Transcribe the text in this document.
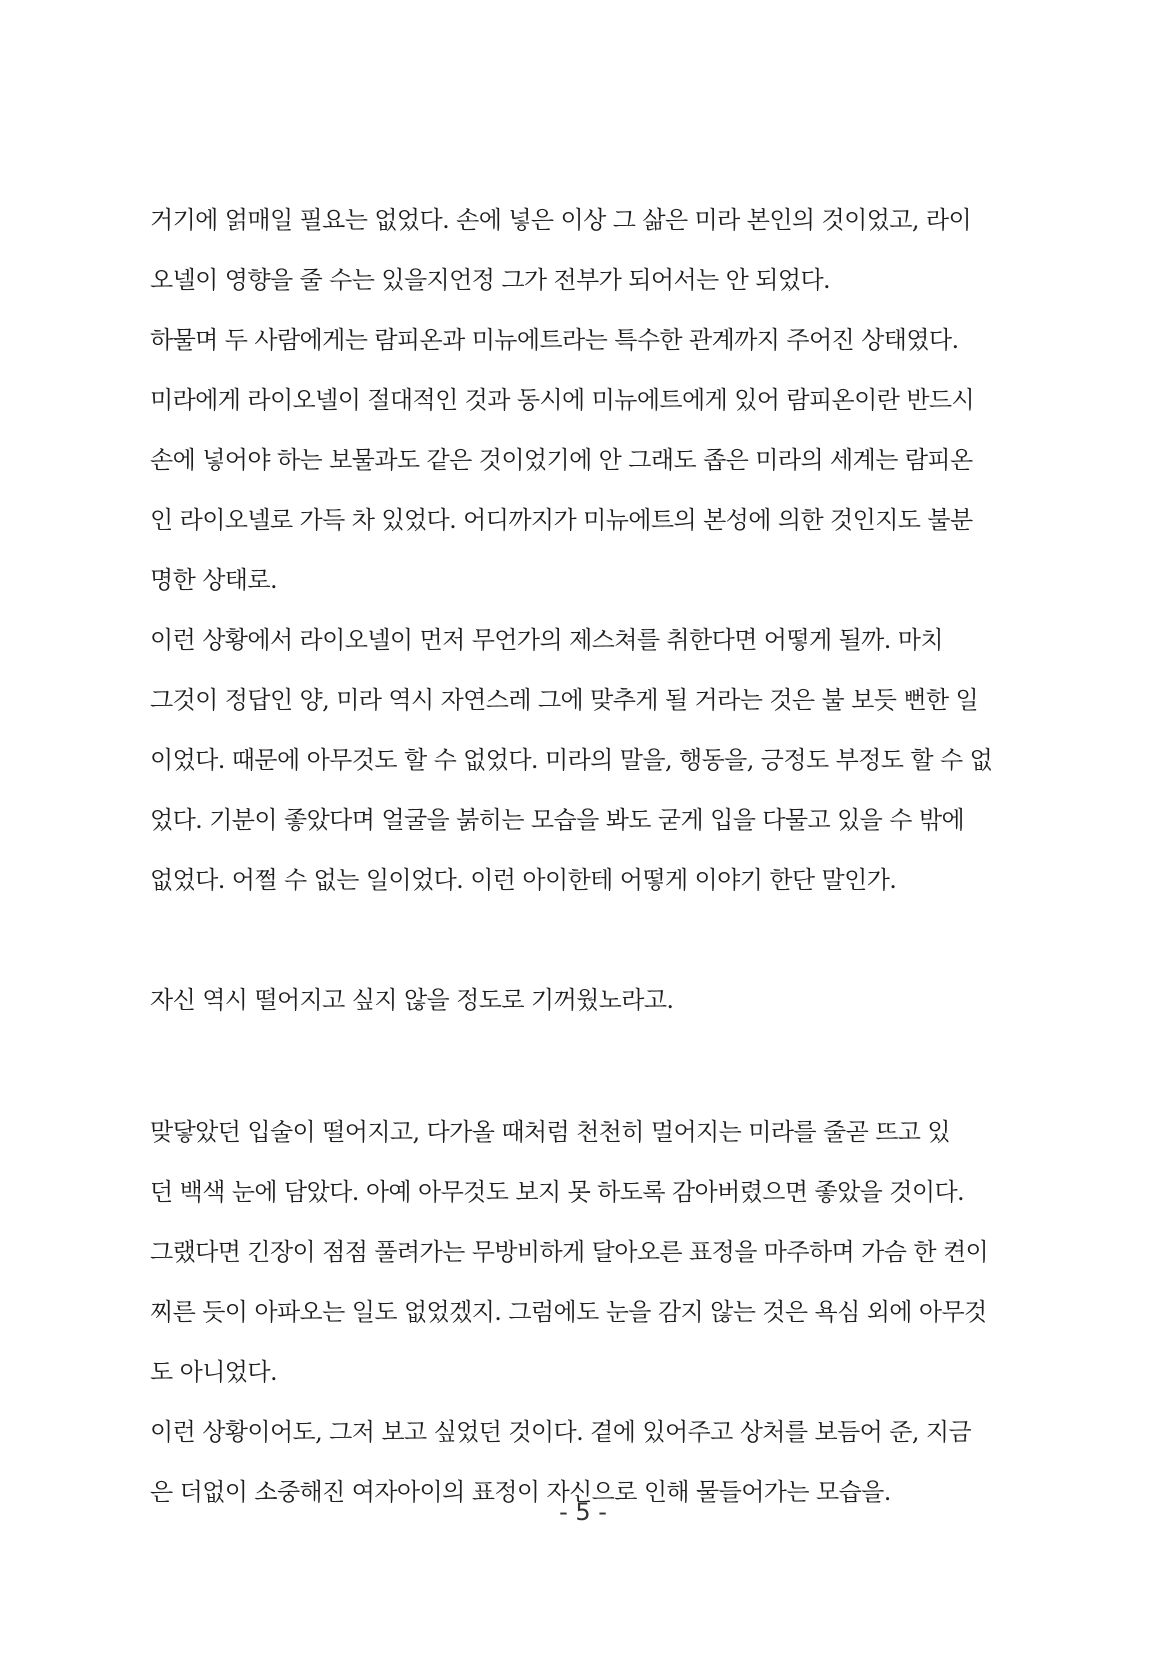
거기에 얽매일 필요는 없었다. 손에 넣은 이상 그 삶은 미라 본인의 것이었고, 라이
오넬이 영향을 줄 수는 있을지언정 그가 전부가 되어서는 안 되었다.
하물며 두 사람에게는 람피온과 미뉴에트라는 특수한 관계까지 주어진 상태였다.
미라에게 라이오넬이 절대적인 것과 동시에 미뉴에트에게 있어 람피온이란 반드시
손에 넣어야 하는 보물과도 같은 것이었기에 안 그래도 좁은 미라의 세계는 람피온
인 라이오넬로 가득 차 있었다. 어디까지가 미뉴에트의 본성에 의한 것인지도 불분
명한 상태로.
이런 상황에서 라이오넬이 먼저 무언가의 제스쳐를 취한다면 어떻게 될까. 마치
그것이 정답인 양, 미라 역시 자연스레 그에 맞추게 될 거라는 것은 불 보듯 뻔한 일
이었다. 때문에 아무것도 할 수 없었다. 미라의 말을, 행동을, 긍정도 부정도 할 수 없
었다. 기분이 좋았다며 얼굴을 붉히는 모습을 봐도 굳게 입을 다물고 있을 수 밖에
없었다. 어쩔 수 없는 일이었다. 이런 아이한테 어떻게 이야기 한단 말인가.
자신 역시 떨어지고 싶지 않을 정도로 기꺼웠노라고.
맞닿았던 입술이 떨어지고, 다가올 때처럼 천천히 멀어지는 미라를 줄곧 뜨고 있
던 백색 눈에 담았다. 아예 아무것도 보지 못 하도록 감아버렸으면 좋았을 것이다.
그랬다면 긴장이 점점 풀려가는 무방비하게 달아오른 표정을 마주하며 가슴 한 켠이
찌른 듯이 아파오는 일도 없었겠지. 그럼에도 눈을 감지 않는 것은 욕심 외에 아무것
도 아니었다.
이런 상황이어도, 그저 보고 싶었던 것이다. 곁에 있어주고 상처를 보듬어 준, 지금
은 더없이 소중해진 여자아이의 표정이 자신으로 인해 물들어가는 모습을.
- 5 -
